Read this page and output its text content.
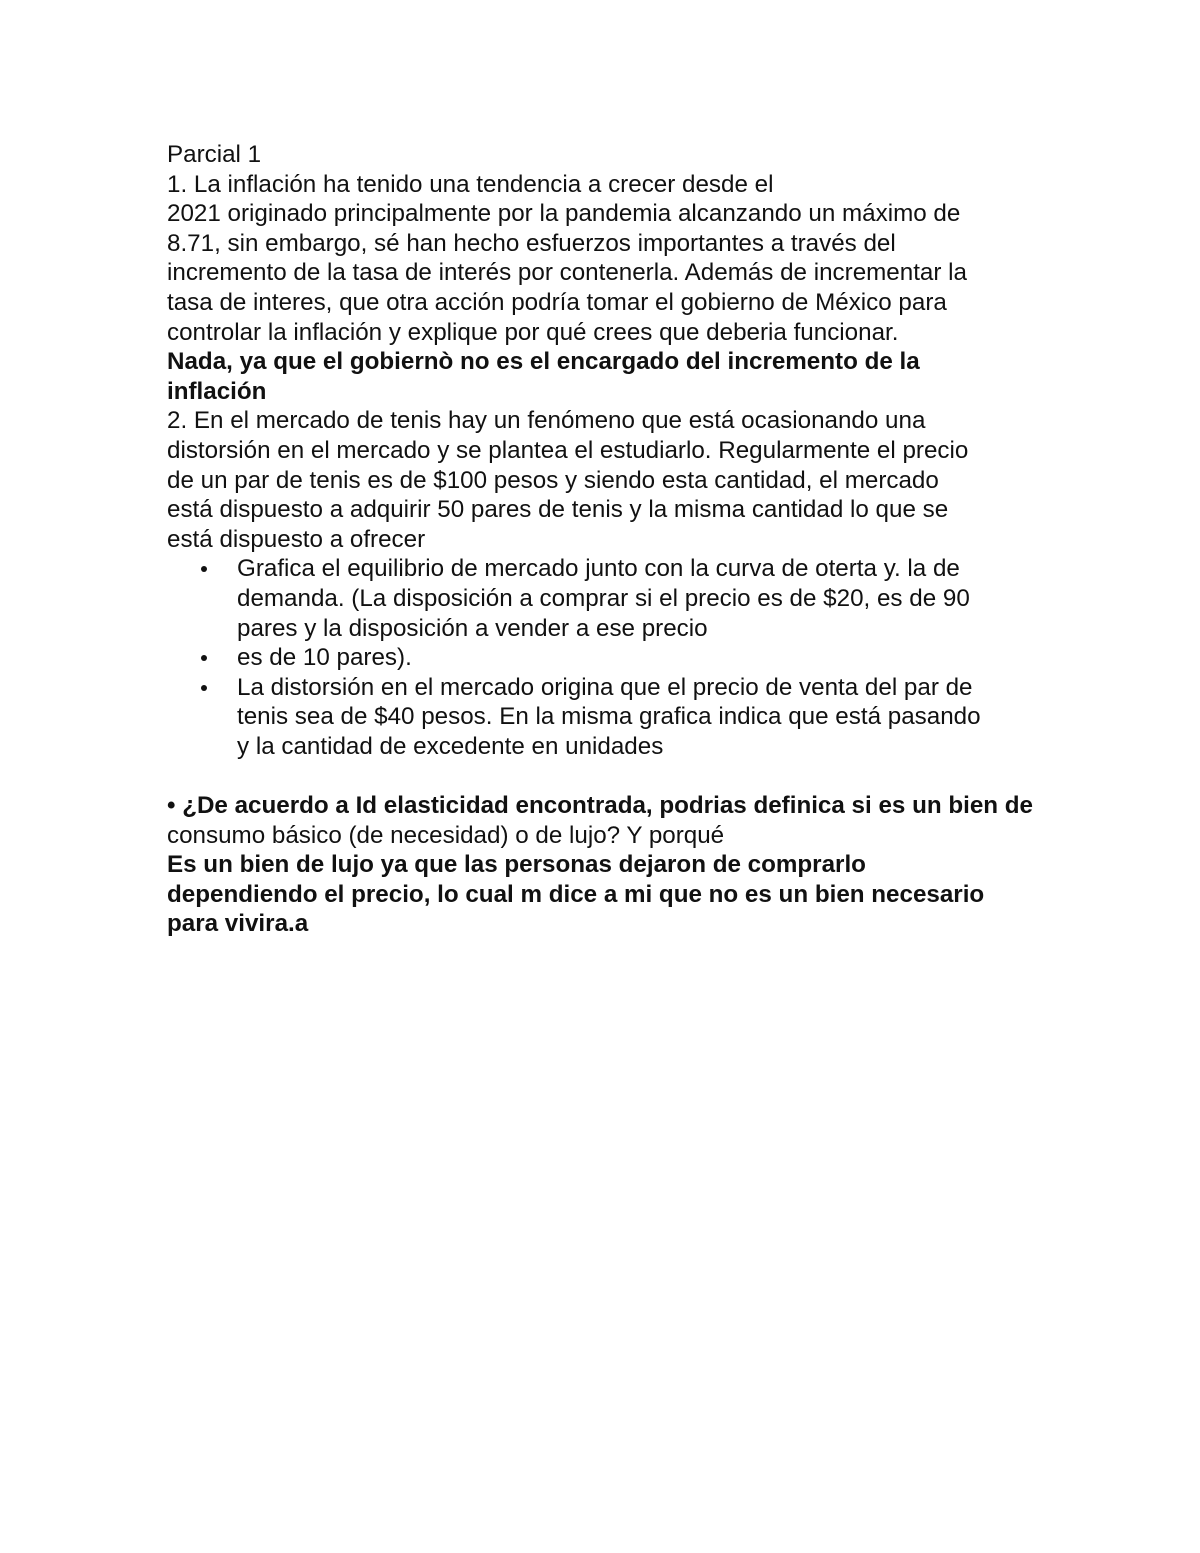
Parcial 1
1. La inflación ha tenido una tendencia a crecer desde el
2021 originado principalmente por la pandemia alcanzando un máximo de
8.71, sin embargo, sé han hecho esfuerzos importantes a través del
incremento de la tasa de interés por contenerla. Además de incrementar la
tasa de interes, que otra acción podría tomar el gobierno de México para
controlar la inflación y explique por qué crees que deberia funcionar.
Nada, ya que el gobiernò no es el encargado del incremento de la
inflación
2. En el mercado de tenis hay un fenómeno que está ocasionando una
distorsión en el mercado y se plantea el estudiarlo. Regularmente el precio
de un par de tenis es de $100 pesos y siendo esta cantidad, el mercado
está dispuesto a adquirir 50 pares de tenis y la misma cantidad lo que se
está dispuesto a ofrecer
Grafica el equilibrio de mercado junto con la curva de oterta y. la de
demanda. (La disposición a comprar si el precio es de $20, es de 90
pares y la disposición a vender a ese precio
es de 10 pares).
La distorsión en el mercado origina que el precio de venta del par de
tenis sea de $40 pesos. En la misma grafica indica que está pasando
y la cantidad de excedente en unidades
• ¿De acuerdo a Id elasticidad encontrada, podrias definica si es un bien de
consumo básico (de necesidad) o de lujo? Y porqué
Es un bien de lujo ya que las personas dejaron de comprarlo
dependiendo el precio, lo cual m dice a mi que no es un bien necesario
para vivira.a
